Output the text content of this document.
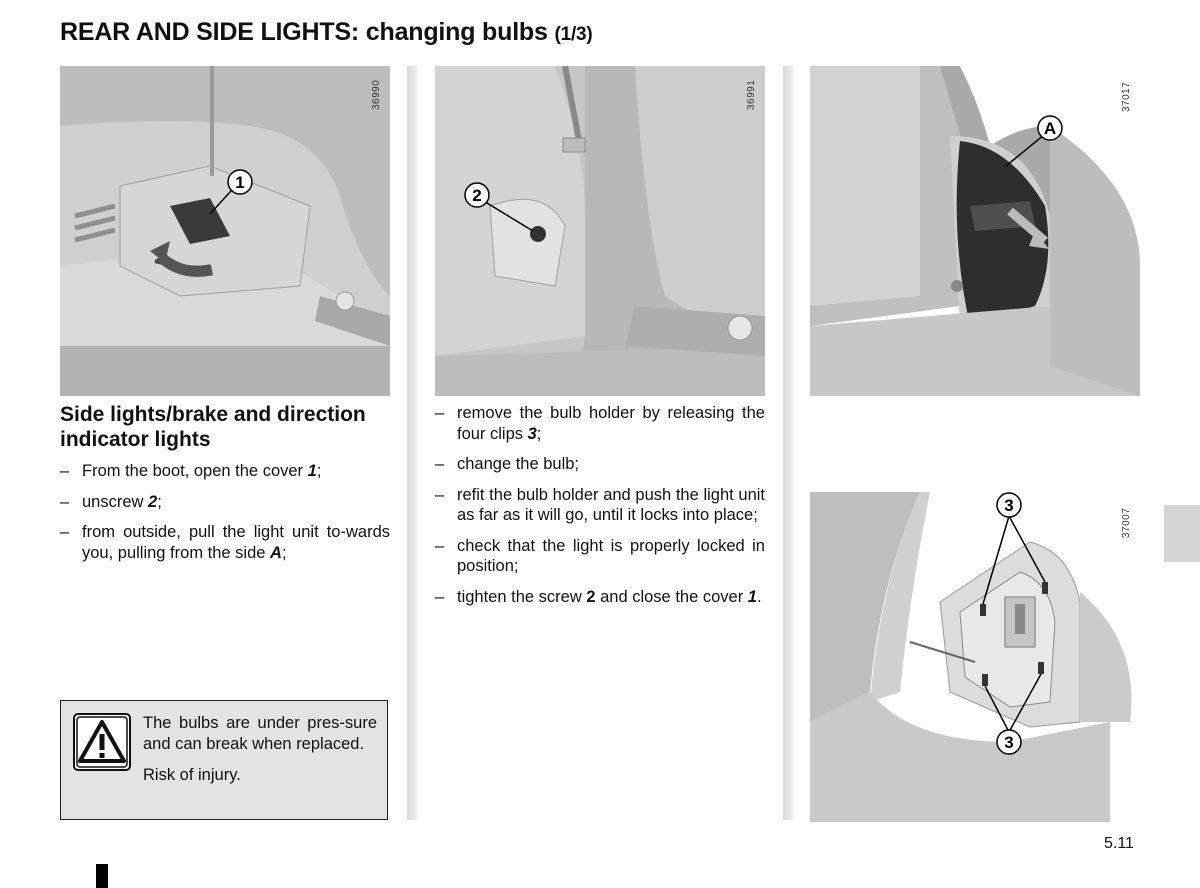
REAR AND SIDE LIGHTS: changing bulbs (1/3)
1
36990
2
36991
A
37017
3
3
37007
Side lights/brake and direction indicator lights
– From the boot, open the cover 1;
– unscrew 2;
– from outside, pull the light unit to-wards you, pulling from the side A;
– remove the bulb holder by releasing the four clips 3;
– change the bulb;
– refit the bulb holder and push the light unit as far as it will go, until it locks into place;
– check that the light is properly locked in position;
– tighten the screw 2 and close the cover 1.

The bulbs are under pres-sure and can break when replaced.

Risk of injury.

5.11
